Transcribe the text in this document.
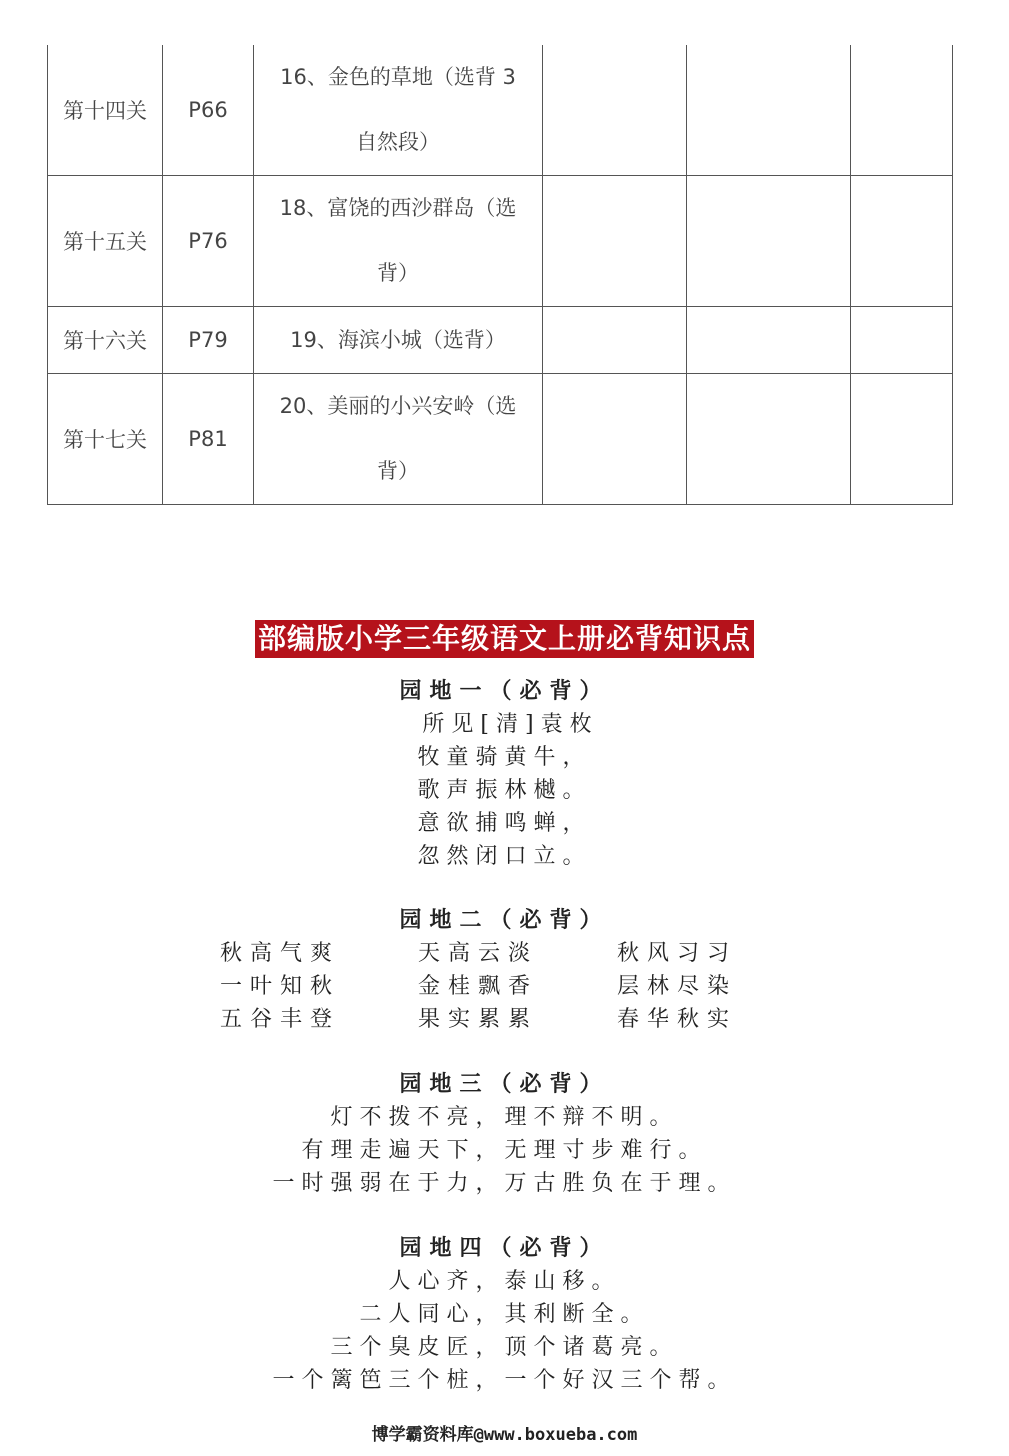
第十四关	P66	16、金色的草地（选背 3
自然段）			

第十五关	P76	18、富饶的西沙群岛（选
背）			

第十六关	P79	19、海滨小城（选背）			

第十七关	P81	20、美丽的小兴安岭（选
背）			

部编版小学三年级语文上册必背知识点
园地一（必背）
所见[清]袁枚
牧童骑黄牛，
歌声振林樾。
意欲捕鸣蝉，
忽然闭口立。
园地二（必背）
秋高气爽	天高云淡	秋风习习
一叶知秋	金桂飘香	层林尽染
五谷丰登	果实累累	春华秋实
园地三（必背）
灯不拨不亮，理不辩不明。
有理走遍天下，无理寸步难行。
一时强弱在于力，万古胜负在于理。
园地四（必背）
人心齐，泰山移。
二人同心，其利断全。
三个臭皮匠，顶个诸葛亮。
一个篱笆三个桩，一个好汉三个帮。
博学霸资料库@www.boxueba.com
